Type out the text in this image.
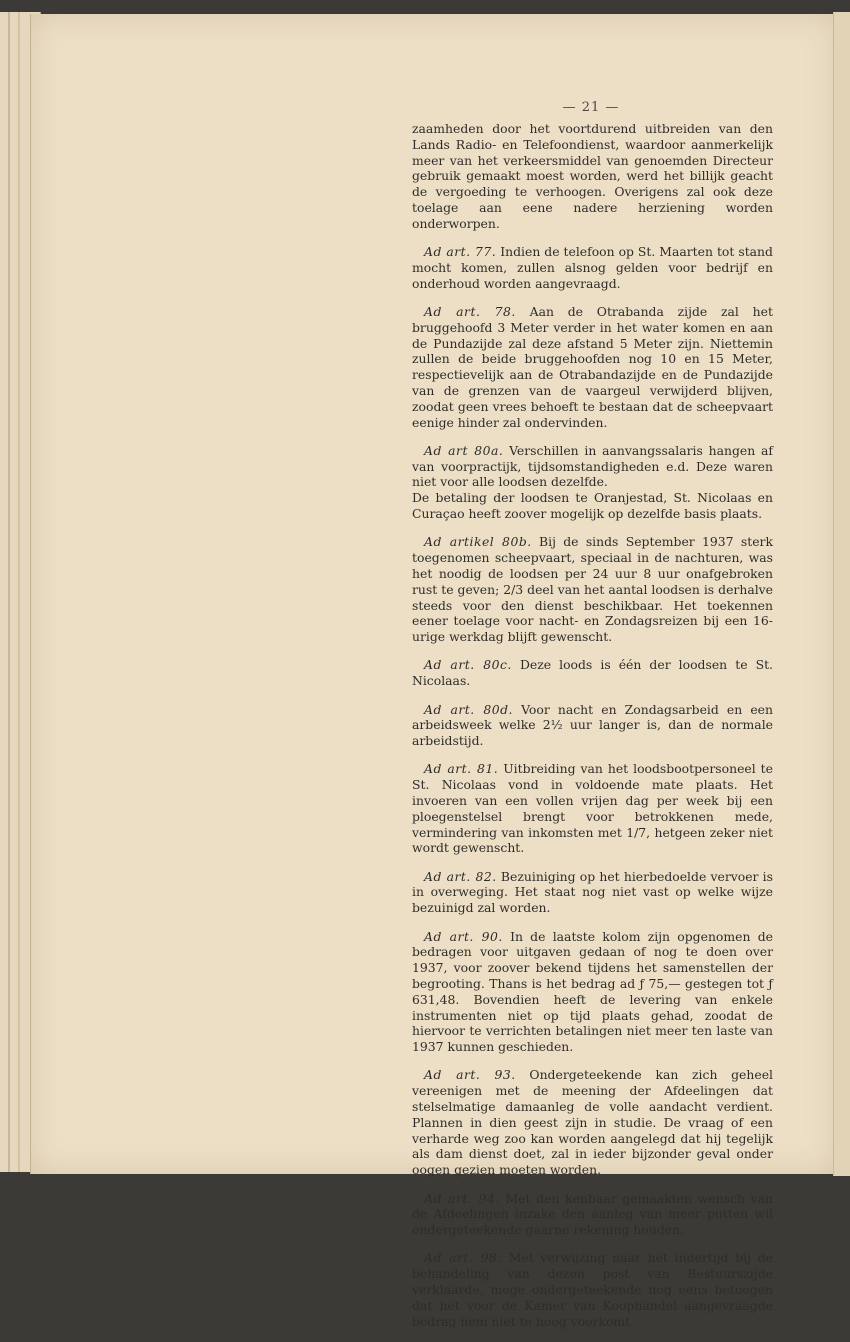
— 21 —

zaamheden door het voortdurend uitbreiden van den Lands Radio- en Telefoondienst, waardoor aanmerkelijk meer van het verkeersmiddel van genoemden Directeur gebruik gemaakt moest worden, werd het billijk geacht de vergoeding te verhoogen. Overigens zal ook deze toelage aan eene nadere herziening worden onderworpen.

Ad art. 77. Indien de telefoon op St. Maarten tot stand mocht komen, zullen alsnog gelden voor bedrijf en onderhoud worden aangevraagd.

Ad art. 78. Aan de Otrabanda zijde zal het bruggehoofd 3 Meter verder in het water komen en aan de Pundazijde zal deze afstand 5 Meter zijn. Niettemin zullen de beide bruggehoofden nog 10 en 15 Meter, respectievelijk aan de Otrabandazijde en de Pundazijde van de grenzen van de vaargeul verwijderd blijven, zoodat geen vrees behoeft te bestaan dat de scheepvaart eenige hinder zal ondervinden.

Ad art 80a. Verschillen in aanvangssalaris hangen af van voorpractijk, tijdsomstandigheden e.d. Deze waren niet voor alle loodsen dezelfde.

De betaling der loodsen te Oranjestad, St. Nicolaas en Curaçao heeft zoover mogelijk op dezelfde basis plaats.

Ad artikel 80b. Bij de sinds September 1937 sterk toegenomen scheepvaart, speciaal in de nachturen, was het noodig de loodsen per 24 uur 8 uur onafgebroken rust te geven; 2/3 deel van het aantal loodsen is derhalve steeds voor den dienst beschikbaar. Het toekennen eener toelage voor nacht- en Zondagsreizen bij een 16-urige werkdag blijft gewenscht.

Ad art. 80c. Deze loods is één der loodsen te St. Nicolaas.

Ad art. 80d. Voor nacht en Zondagsarbeid en een arbeidsweek welke 2½ uur langer is, dan de normale arbeidstijd.

Ad art. 81. Uitbreiding van het loodsbootpersoneel te St. Nicolaas vond in voldoende mate plaats. Het invoeren van een vollen vrijen dag per week bij een ploegenstelsel brengt voor betrokkenen mede, vermindering van inkomsten met 1/7, hetgeen zeker niet wordt gewenscht.

Ad art. 82. Bezuiniging op het hierbedoelde vervoer is in overweging. Het staat nog niet vast op welke wijze bezuinigd zal worden.

Ad art. 90. In de laatste kolom zijn opgenomen de bedragen voor uitgaven gedaan of nog te doen over 1937, voor zoover bekend tijdens het samenstellen der begrooting. Thans is het bedrag ad ƒ 75,— gestegen tot ƒ 631,48. Bovendien heeft de levering van enkele instrumenten niet op tijd plaats gehad, zoodat de hiervoor te verrichten betalingen niet meer ten laste van 1937 kunnen geschieden.

Ad art. 93. Ondergeteekende kan zich geheel vereenigen met de meening der Afdeelingen dat stelselmatige damaanleg de volle aandacht verdient. Plannen in dien geest zijn in studie. De vraag of een verharde weg zoo kan worden aangelegd dat hij tegelijk als dam dienst doet, zal in ieder bijzonder geval onder oogen gezien moeten worden.

Ad art. 94. Met den kenbaar gemaakten wensch van de Afdeelingen inzake den aanleg van meer putten wil ondergeteekende gaarne rekening houden.

Ad art. 98. Met verwijzing naar het indertijd bij de behandeling van dezen post van Bestuurszijde verklaarde, moge ondergeteekende nog eens betoogen dat het voor de Kamer van Koophandel aangevraagde bedrag hem niet te hoog voorkomt.
